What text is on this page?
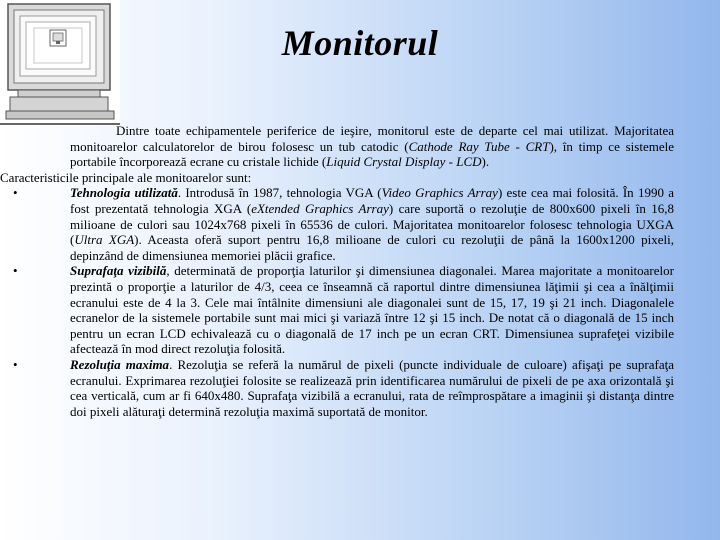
Monitorul

Dintre toate echipamentele periferice de ieşire, monitorul este de departe cel mai utilizat. Majoritatea monitoarelor calculatorelor de birou folosesc un tub catodic (Cathode Ray Tube - CRT), în timp ce sistemele portabile încorporează ecrane cu cristale lichide (Liquid Crystal Display - LCD).

Caracteristicile principale ale monitoarelor sunt:

•	Tehnologia utilizată. Introdusă în 1987, tehnologia VGA (Video Graphics Array) este cea mai folosită. În 1990 a fost prezentată tehnologia XGA (eXtended Graphics Array) care suportă o rezoluţie de 800x600 pixeli în 16,8 milioane de culori sau 1024x768 pixeli în 65536 de culori. Majoritatea monitoarelor folosesc tehnologia UXGA (Ultra XGA). Aceasta oferă suport pentru 16,8 milioane de culori cu rezoluţii de până la 1600x1200 pixeli, depinzând de dimensiunea memoriei plăcii grafice.
•	Suprafaţa vizibilă, determinată de proporţia laturilor şi dimensiunea diagonalei. Marea majoritate a monitoarelor prezintă o proporţie a laturilor de 4/3, ceea ce înseamnă că raportul dintre dimensiunea lăţimii şi cea a înălţimii ecranului este de 4 la 3. Cele mai întâlnite dimensiuni ale diagonalei sunt de 15, 17, 19 şi 21 inch. Diagonalele ecranelor de la sistemele portabile sunt mai mici şi variază între 12 şi 15 inch. De notat că o diagonală de 15 inch pentru un ecran LCD echivalează cu o diagonală de 17 inch pe un ecran CRT. Dimensiunea suprafeţei vizibile afectează în mod direct rezoluţia folosită.
•	Rezoluţia maxima. Rezoluţia se referă la numărul de pixeli (puncte individuale de culoare) afişaţi pe suprafaţa ecranului. Exprimarea rezoluţiei folosite se realizează prin identificarea numărului de pixeli de pe axa orizontală şi cea verticală, cum ar fi 640x480. Suprafaţa vizibilă a ecranului, rata de reîmprospătare a imaginii şi distanţa dintre doi pixeli alăturaţi determină rezoluţia maximă suportată de monitor.
